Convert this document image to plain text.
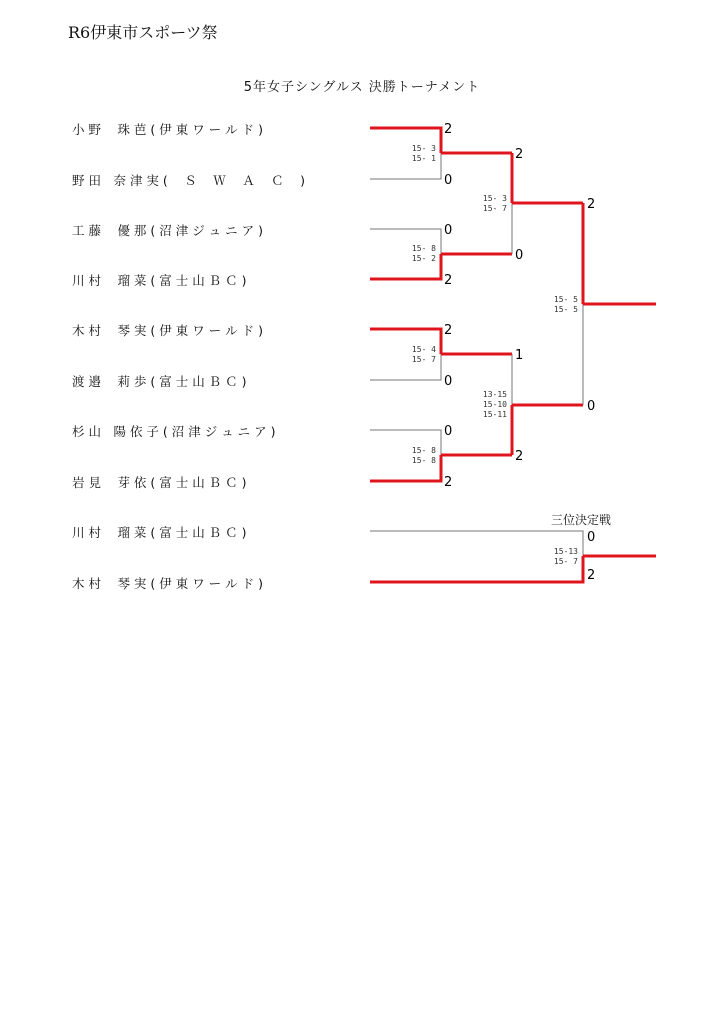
R6伊東市スポーツ祭
5年女子シングルス 決勝トーナメント
小 野　 珠 芭 ( 伊 東 ワ ー ル ド )
野 田　奈 津 実 (　 Ｓ　 Ｗ　 Ａ　 Ｃ　 )
工 藤　 優 那 ( 沼 津 ジ ュ ニ ア )
川 村　 瑠 菜 ( 富 士 山 Ｂ Ｃ )
木 村　 琴 実 ( 伊 東 ワ ー ル ド )
渡 邉　 莉 歩 ( 富 士 山 Ｂ Ｃ )
杉 山　陽 依 子 ( 沼 津 ジ ュ ニ ア )
岩 見　 芽 依 ( 富 士 山 Ｂ Ｃ )
川 村　 瑠 菜 ( 富 士 山 Ｂ Ｃ )
木 村　 琴 実 ( 伊 東 ワ ー ル ド )
2
0
0
2
2
0
0
2
2
0
1
2
2
0
0
2
15- 3
15- 1
15- 8
15- 2
15- 4
15- 7
15- 8
15- 8
15- 3
15- 7
13-15
15-10
15-11
15- 5
15- 5
15-13
15- 7
三位決定戦
